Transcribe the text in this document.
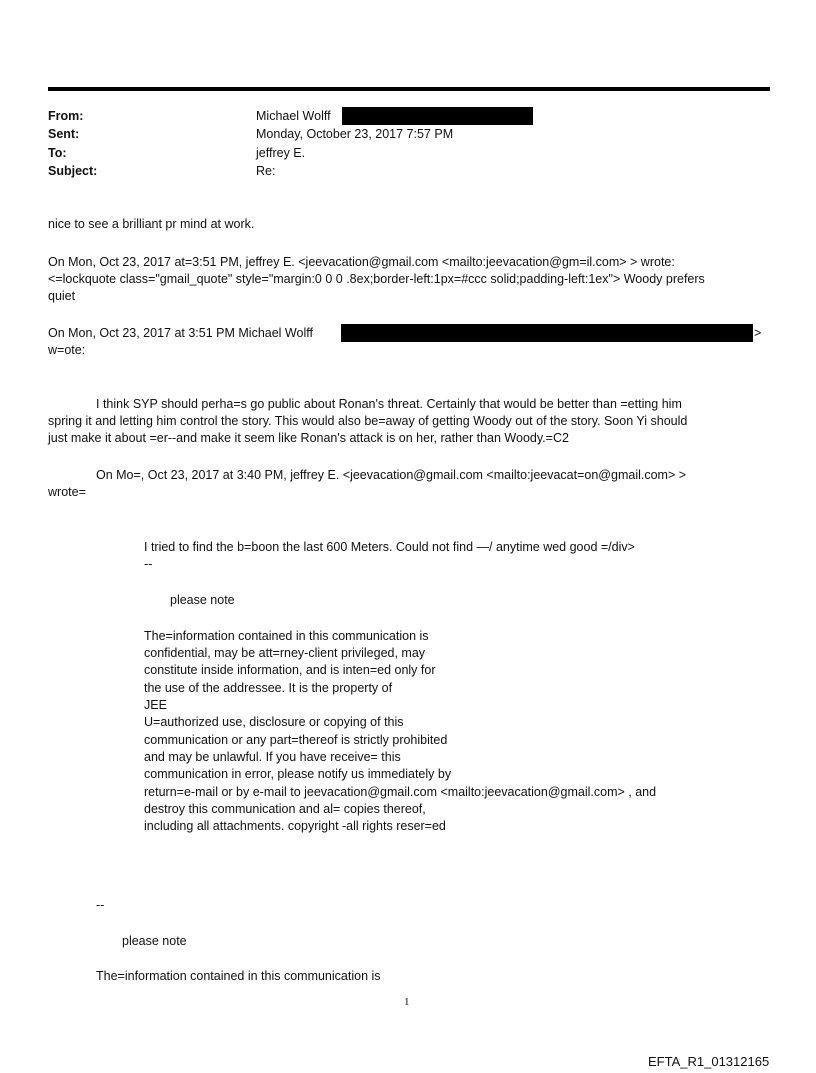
From:	Michael Wolff
Sent:	Monday, October 23, 2017 7:57 PM
To:	jeffrey E.
Subject:	Re:
nice to see a brilliant pr mind at work.
On Mon, Oct 23, 2017 at=3:51 PM, jeffrey E. <jeevacation@gmail.com <mailto:jeevacation@gm=il.com> > wrote:
<=lockquote class="gmail_quote" style="margin:0 0 0 .8ex;border-left:1px=#ccc solid;padding-left:1ex"> Woody prefers
quiet
On Mon, Oct 23, 2017 at 3:51 PM Michael Wolff	>
w=ote:
I think SYP should perha=s go public about Ronan's threat. Certainly that would be better than =etting him
spring it and letting him control the story. This would also be=away of getting Woody out of the story. Soon Yi should
just make it about =er--and make it seem like Ronan's attack is on her, rather than Woody.=C2
On Mo=, Oct 23, 2017 at 3:40 PM, jeffrey E. <jeevacation@gmail.com <mailto:jeevacat=on@gmail.com> >
wrote=
I tried to find the b=boon the last 600 Meters. Could not find —/ anytime wed good =/div>
--
please note
The=information contained in this communication is
confidential, may be att=rney-client privileged, may
constitute inside information, and is inten=ed only for
the use of the addressee. It is the property of
JEE
U=authorized use, disclosure or copying of this
communication or any part=thereof is strictly prohibited
and may be unlawful. If you have receive= this
communication in error, please notify us immediately by
return=e-mail or by e-mail to jeevacation@gmail.com <mailto:jeevacation@gmail.com> , and
destroy this communication and al= copies thereof,
including all attachments. copyright -all rights reser=ed
--
please note
The=information contained in this communication is
1
EFTA_R1_01312165
